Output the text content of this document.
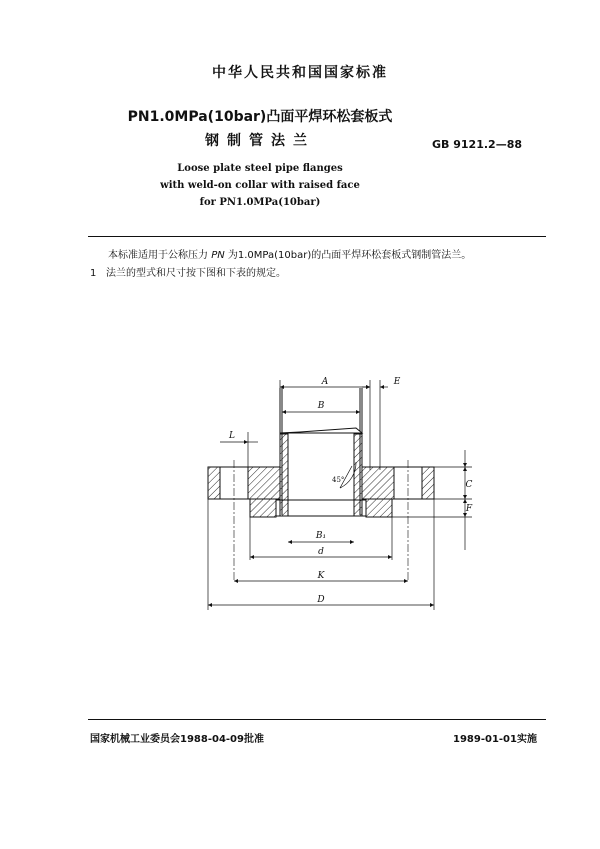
中华人民共和国国家标准
PN1.0MPa(10bar)凸面平焊环松套板式
钢制管法兰	GB 9121.2—88
Loose plate steel pipe flanges
with weld-on collar with raised face
for PN1.0MPa(10bar)
本标准适用于公称压力 PN 为1.0MPa(10bar)的凸面平焊环松套板式钢制管法兰。
1 法兰的型式和尺寸按下图和下表的规定。
A	E
B
L
45°	C
F
B₁
d
K
D
国家机械工业委员会1988-04-09批准	1989-01-01实施
